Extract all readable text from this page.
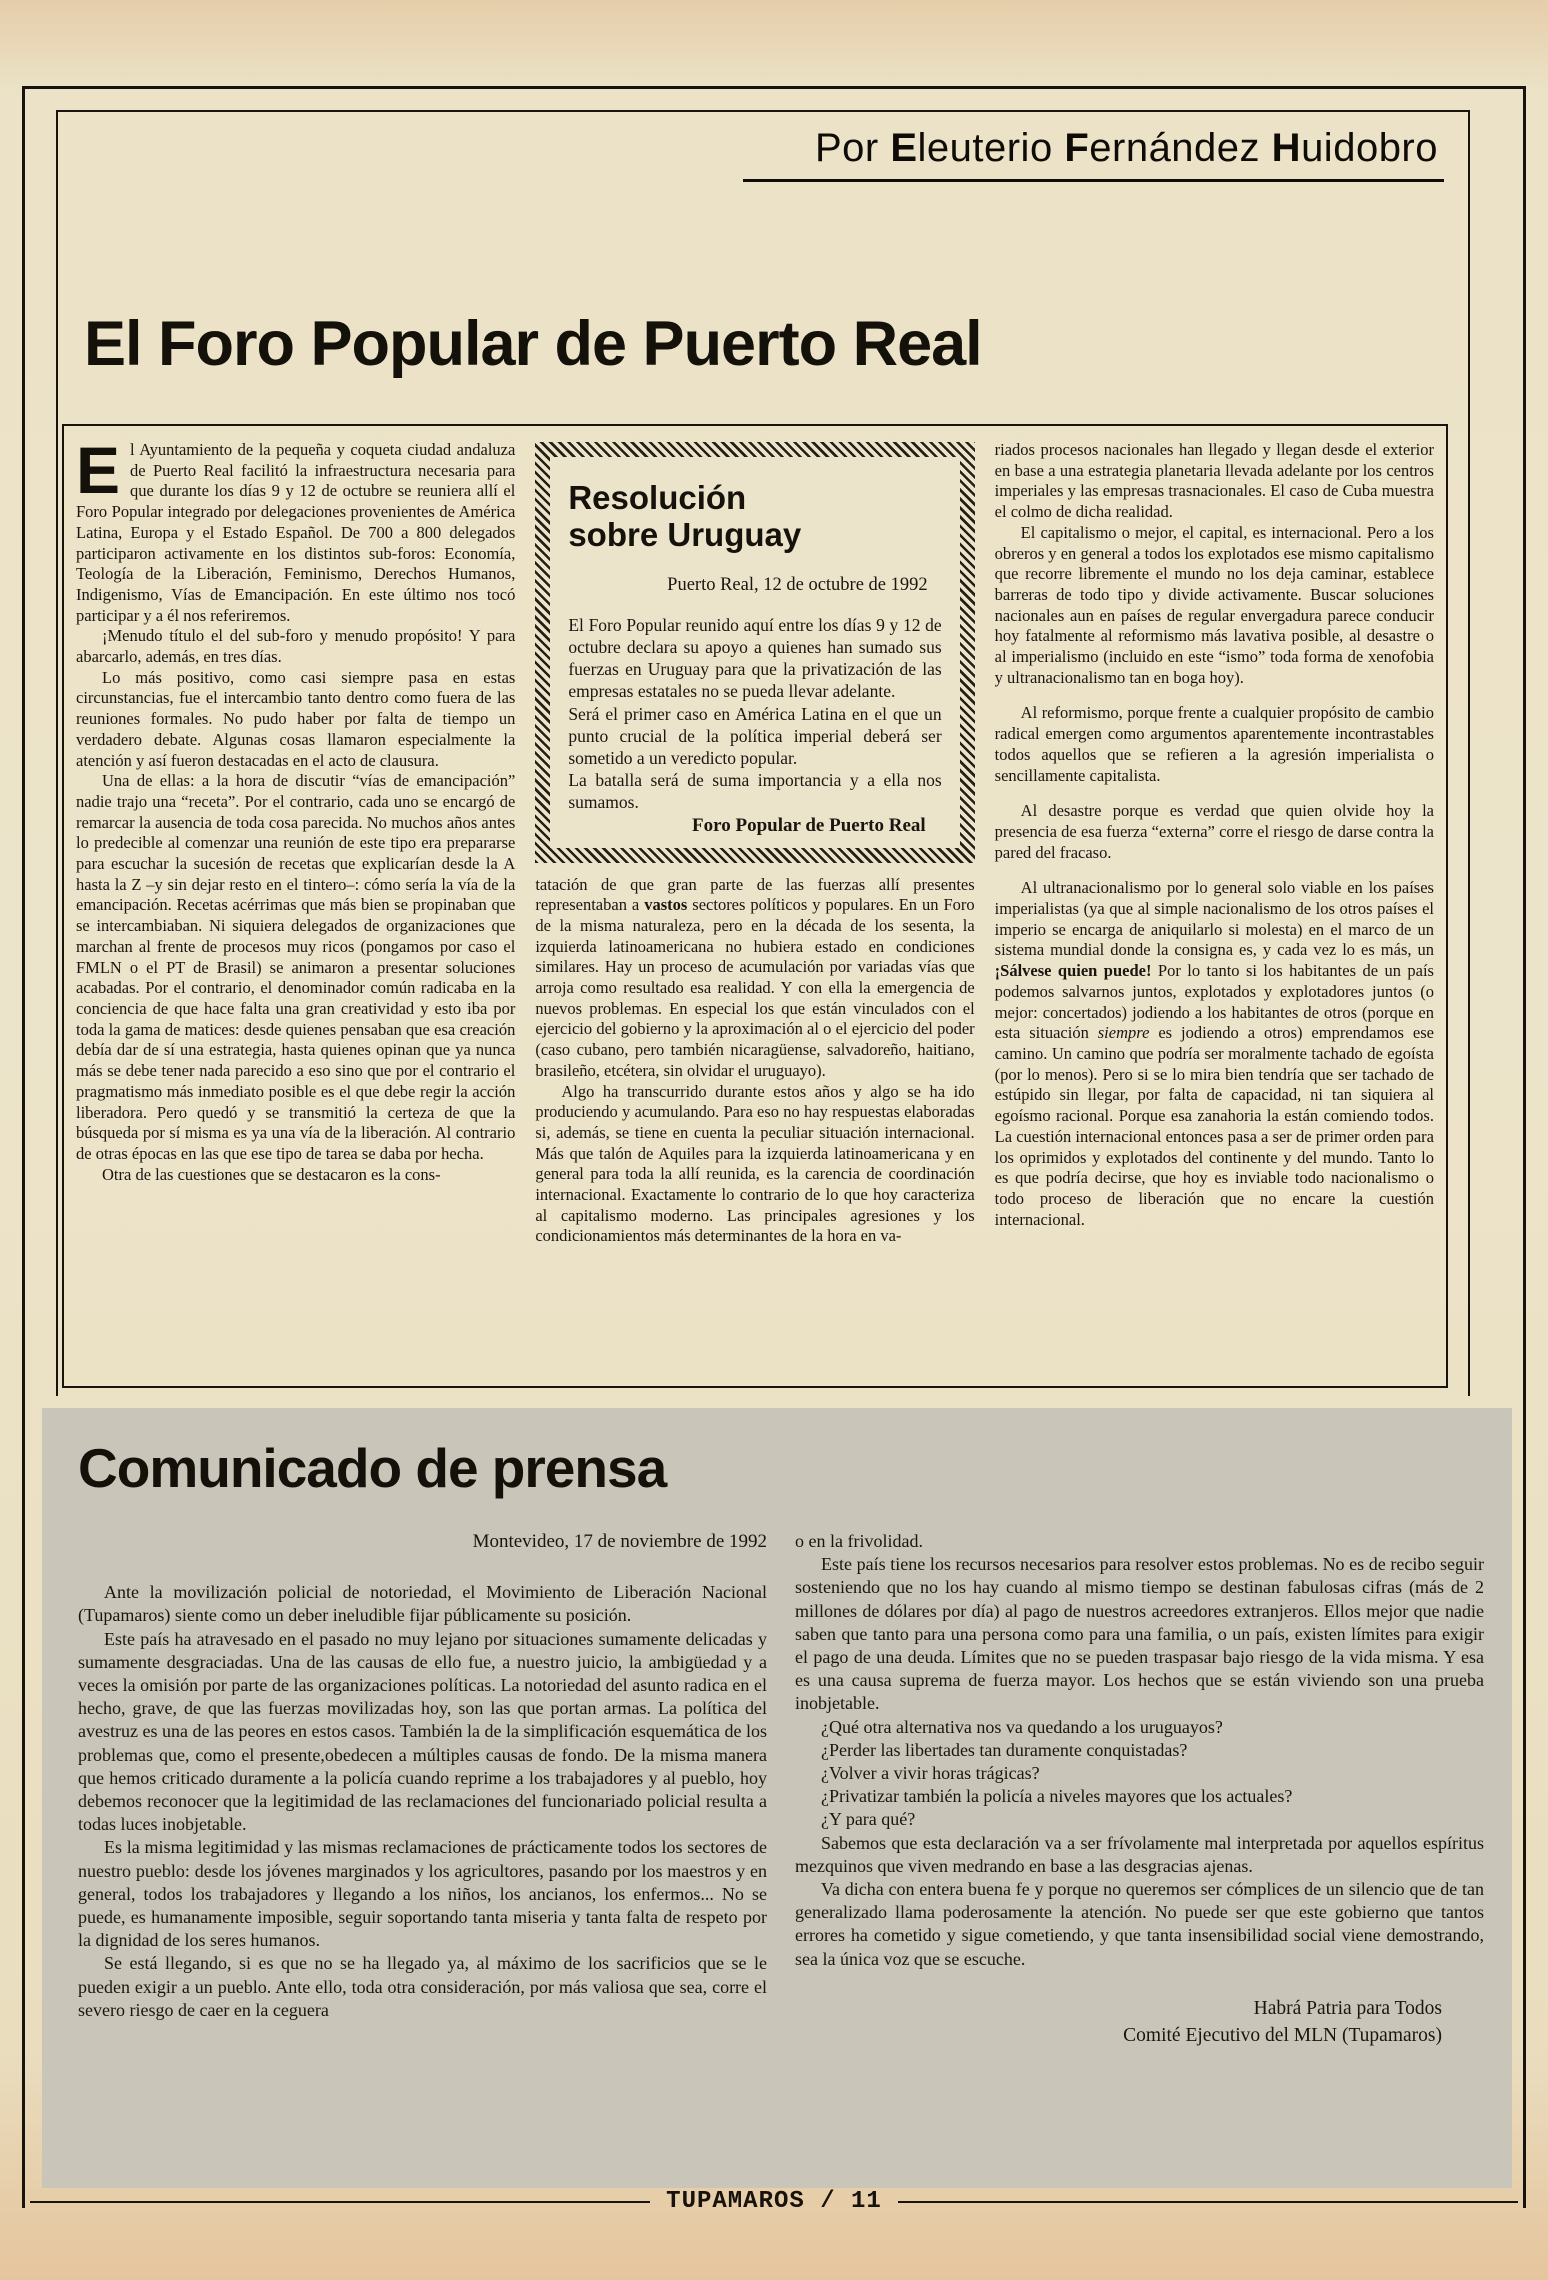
Por Eleuterio Fernández Huidobro
El Foro Popular de Puerto Real

El Ayuntamiento de la pequeña y coqueta ciudad andaluza de Puerto Real facilitó la infraestructura necesaria para que durante los días 9 y 12 de octubre se reuniera allí el Foro Popular integrado por delegaciones provenientes de América Latina, Europa y el Estado Español. De 700 a 800 delegados participaron activamente en los distintos sub-foros: Economía, Teología de la Liberación, Feminismo, Derechos Humanos, Indigenismo, Vías de Emancipación. En este último nos tocó participar y a él nos referiremos.

¡Menudo título el del sub-foro y menudo propósito! Y para abarcarlo, además, en tres días.

Lo más positivo, como casi siempre pasa en estas circunstancias, fue el intercambio tanto dentro como fuera de las reuniones formales. No pudo haber por falta de tiempo un verdadero debate. Algunas cosas llamaron especialmente la atención y así fueron destacadas en el acto de clausura.

Una de ellas: a la hora de discutir “vías de emancipación” nadie trajo una “receta”. Por el contrario, cada uno se encargó de remarcar la ausencia de toda cosa parecida. No muchos años antes lo predecible al comenzar una reunión de este tipo era prepararse para escuchar la sucesión de recetas que explicarían desde la A hasta la Z –y sin dejar resto en el tintero–: cómo sería la vía de la emancipación. Recetas acérrimas que más bien se propinaban que se intercambiaban. Ni siquiera delegados de organizaciones que marchan al frente de procesos muy ricos (pongamos por caso el FMLN o el PT de Brasil) se animaron a presentar soluciones acabadas. Por el contrario, el denominador común radicaba en la conciencia de que hace falta una gran creatividad y esto iba por toda la gama de matices: desde quienes pensaban que esa creación debía dar de sí una estrategia, hasta quienes opinan que ya nunca más se debe tener nada parecido a eso sino que por el contrario el pragmatismo más inmediato posible es el que debe regir la acción liberadora. Pero quedó y se transmitió la certeza de que la búsqueda por sí misma es ya una vía de la liberación. Al contrario de otras épocas en las que ese tipo de tarea se daba por hecha.

Otra de las cuestiones que se destacaron es la cons-

Resolución
sobre Uruguay

Puerto Real, 12 de octubre de 1992

El Foro Popular reunido aquí entre los días 9 y 12 de octubre declara su apoyo a quienes han sumado sus fuerzas en Uruguay para que la privatización de las empresas estatales no se pueda llevar adelante.

Será el primer caso en América Latina en el que un punto crucial de la política imperial deberá ser sometido a un veredicto popular.

La batalla será de suma importancia y a ella nos sumamos.

Foro Popular de Puerto Real

tatación de que gran parte de las fuerzas allí presentes representaban a vastos sectores políticos y populares. En un Foro de la misma naturaleza, pero en la década de los sesenta, la izquierda latinoamericana no hubiera estado en condiciones similares. Hay un proceso de acumulación por variadas vías que arroja como resultado esa realidad. Y con ella la emergencia de nuevos problemas. En especial los que están vinculados con el ejercicio del gobierno y la aproximación al o el ejercicio del poder (caso cubano, pero también nicaragüense, salvadoreño, haitiano, brasileño, etcétera, sin olvidar el uruguayo).

Algo ha transcurrido durante estos años y algo se ha ido produciendo y acumulando. Para eso no hay respuestas elaboradas si, además, se tiene en cuenta la peculiar situación internacional. Más que talón de Aquiles para la izquierda latinoamericana y en general para toda la allí reunida, es la carencia de coordinación internacional. Exactamente lo contrario de lo que hoy caracteriza al capitalismo moderno. Las principales agresiones y los condicionamientos más determinantes de la hora en va-

riados procesos nacionales han llegado y llegan desde el exterior en base a una estrategia planetaria llevada adelante por los centros imperiales y las empresas trasnacionales. El caso de Cuba muestra el colmo de dicha realidad.

El capitalismo o mejor, el capital, es internacional. Pero a los obreros y en general a todos los explotados ese mismo capitalismo que recorre libremente el mundo no los deja caminar, establece barreras de todo tipo y divide activamente. Buscar soluciones nacionales aun en países de regular envergadura parece conducir hoy fatalmente al reformismo más lavativa posible, al desastre o al imperialismo (incluido en este “ismo” toda forma de xenofobia y ultranacionalismo tan en boga hoy).

Al reformismo, porque frente a cualquier propósito de cambio radical emergen como argumentos aparentemente incontrastables todos aquellos que se refieren a la agresión imperialista o sencillamente capitalista.

Al desastre porque es verdad que quien olvide hoy la presencia de esa fuerza “externa” corre el riesgo de darse contra la pared del fracaso.

Al ultranacionalismo por lo general solo viable en los países imperialistas (ya que al simple nacionalismo de los otros países el imperio se encarga de aniquilarlo si molesta) en el marco de un sistema mundial donde la consigna es, y cada vez lo es más, un ¡Sálvese quien puede! Por lo tanto si los habitantes de un país podemos salvarnos juntos, explotados y explotadores juntos (o mejor: concertados) jodiendo a los habitantes de otros (porque en esta situación siempre es jodiendo a otros) emprendamos ese camino. Un camino que podría ser moralmente tachado de egoísta (por lo menos). Pero si se lo mira bien tendría que ser tachado de estúpido sin llegar, por falta de capacidad, ni tan siquiera al egoísmo racional. Porque esa zanahoria la están comiendo todos. La cuestión internacional entonces pasa a ser de primer orden para los oprimidos y explotados del continente y del mundo. Tanto lo es que podría decirse, que hoy es inviable todo nacionalismo o todo proceso de liberación que no encare la cuestión internacional.

Comunicado de prensa

Montevideo, 17 de noviembre de 1992

Ante la movilización policial de notoriedad, el Movimiento de Liberación Nacional (Tupamaros) siente como un deber ineludible fijar públicamente su posición.

Este país ha atravesado en el pasado no muy lejano por situaciones sumamente delicadas y sumamente desgraciadas. Una de las causas de ello fue, a nuestro juicio, la ambigüedad y a veces la omisión por parte de las organizaciones políticas. La notoriedad del asunto radica en el hecho, grave, de que las fuerzas movilizadas hoy, son las que portan armas. La política del avestruz es una de las peores en estos casos. También la de la simplificación esquemática de los problemas que, como el presente,obedecen a múltiples causas de fondo. De la misma manera que hemos criticado duramente a la policía cuando reprime a los trabajadores y al pueblo, hoy debemos reconocer que la legitimidad de las reclamaciones del funcionariado policial resulta a todas luces inobjetable.

Es la misma legitimidad y las mismas reclamaciones de prácticamente todos los sectores de nuestro pueblo: desde los jóvenes marginados y los agricultores, pasando por los maestros y en general, todos los trabajadores y llegando a los niños, los ancianos, los enfermos... No se puede, es humanamente imposible, seguir soportando tanta miseria y tanta falta de respeto por la dignidad de los seres humanos.

Se está llegando, si es que no se ha llegado ya, al máximo de los sacrificios que se le pueden exigir a un pueblo. Ante ello, toda otra consideración, por más valiosa que sea, corre el severo riesgo de caer en la ceguera

o en la frivolidad.

Este país tiene los recursos necesarios para resolver estos problemas. No es de recibo seguir sosteniendo que no los hay cuando al mismo tiempo se destinan fabulosas cifras (más de 2 millones de dólares por día) al pago de nuestros acreedores extranjeros. Ellos mejor que nadie saben que tanto para una persona como para una familia, o un país, existen límites para exigir el pago de una deuda. Límites que no se pueden traspasar bajo riesgo de la vida misma. Y esa es una causa suprema de fuerza mayor. Los hechos que se están viviendo son una prueba inobjetable.

¿Qué otra alternativa nos va quedando a los uruguayos?

¿Perder las libertades tan duramente conquistadas?

¿Volver a vivir horas trágicas?

¿Privatizar también la policía a niveles mayores que los actuales?

¿Y para qué?

Sabemos que esta declaración va a ser frívolamente mal interpretada por aquellos espíritus mezquinos que viven medrando en base a las desgracias ajenas.

Va dicha con entera buena fe y porque no queremos ser cómplices de un silencio que de tan generalizado llama poderosamente la atención. No puede ser que este gobierno que tantos errores ha cometido y sigue cometiendo, y que tanta insensibilidad social viene demostrando, sea la única voz que se escuche.

Habrá Patria para Todos
Comité Ejecutivo del MLN (Tupamaros)
TUPAMAROS / 11
